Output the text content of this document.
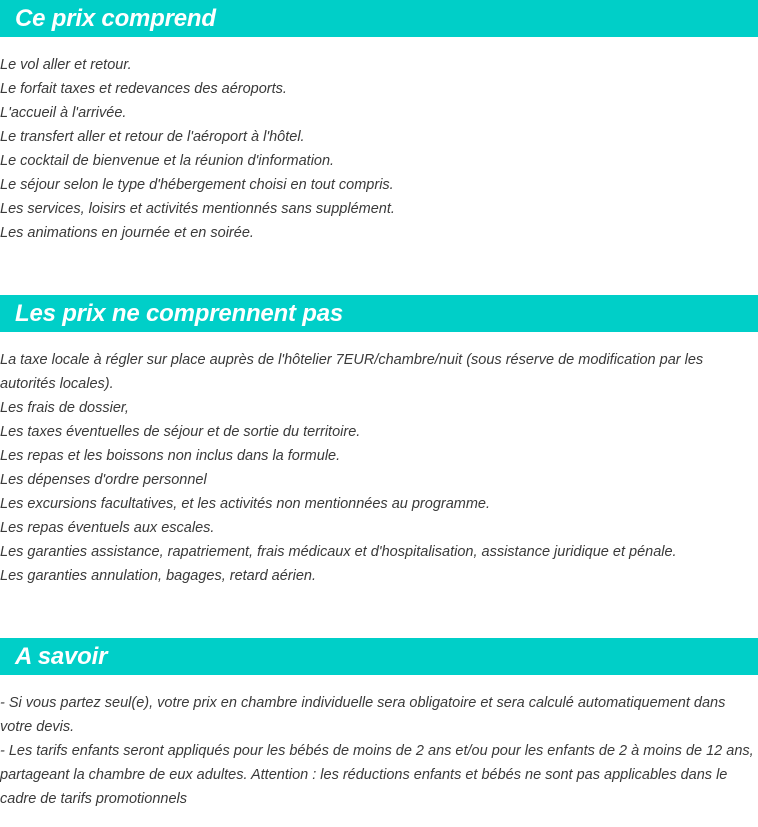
Ce prix comprend
Le vol aller et retour.
Le forfait taxes et redevances des aéroports.
L'accueil à l'arrivée.
Le transfert aller et retour de l'aéroport à l'hôtel.
Le cocktail de bienvenue et la réunion d'information.
Le séjour selon le type d'hébergement choisi en tout compris.
Les services, loisirs et activités mentionnés sans supplément.
Les animations en journée et en soirée.
Les prix ne comprennent pas
La taxe locale à régler sur place auprès de l'hôtelier 7EUR/chambre/nuit (sous réserve de modification par les autorités locales).
Les frais de dossier,
Les taxes éventuelles de séjour et de sortie du territoire.
Les repas et les boissons non inclus dans la formule.
Les dépenses d'ordre personnel
Les excursions facultatives, et les activités non mentionnées au programme.
Les repas éventuels aux escales.
Les garanties assistance, rapatriement, frais médicaux et d'hospitalisation, assistance juridique et pénale.
Les garanties annulation, bagages, retard aérien.
A savoir
- Si vous partez seul(e), votre prix en chambre individuelle sera obligatoire et sera calculé automatiquement dans votre devis.
- Les tarifs enfants seront appliqués pour les bébés de moins de 2 ans et/ou pour les enfants de 2 à moins de 12 ans, partageant la chambre de eux adultes. Attention : les réductions enfants et bébés ne sont pas applicables dans le cadre de tarifs promotionnels
